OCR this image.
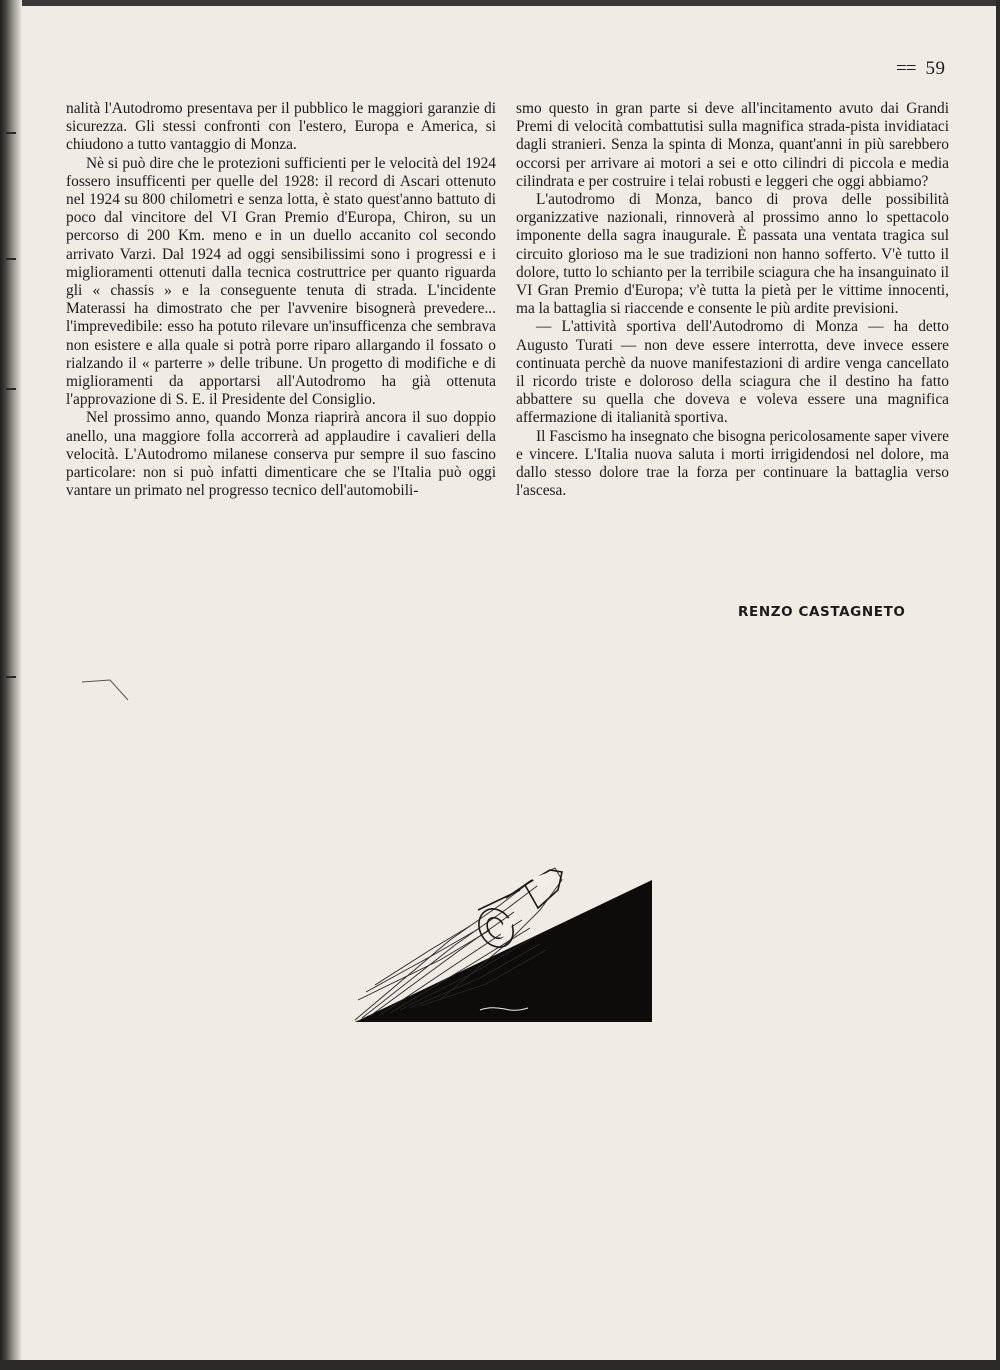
== 59

nalità l'Autodromo presentava per il pubblico le maggiori garanzie di sicurezza. Gli stessi confronti con l'estero, Europa e America, si chiudono a tutto vantaggio di Monza.

Nè si può dire che le protezioni sufficienti per le velocità del 1924 fossero insufficenti per quelle del 1928: il record di Ascari ottenuto nel 1924 su 800 chilometri e senza lotta, è stato quest'anno battuto di poco dal vincitore del VI Gran Premio d'Europa, Chiron, su un percorso di 200 Km. meno e in un duello accanito col secondo arrivato Varzi. Dal 1924 ad oggi sensibilissimi sono i progressi e i miglioramenti ottenuti dalla tecnica costruttrice per quanto riguarda gli « chassis » e la conseguente tenuta di strada. L'incidente Materassi ha dimostrato che per l'avvenire bisognerà prevedere... l'imprevedibile: esso ha potuto rilevare un'insufficenza che sembrava non esistere e alla quale si potrà porre riparo allargando il fossato o rialzando il « parterre » delle tribune. Un progetto di modifiche e di miglioramenti da apportarsi all'Autodromo ha già ottenuta l'approvazione di S. E. il Presidente del Consiglio.

Nel prossimo anno, quando Monza riaprirà ancora il suo doppio anello, una maggiore folla accorrerà ad applaudire i cavalieri della velocità. L'Autodromo milanese conserva pur sempre il suo fascino particolare: non si può infatti dimenticare che se l'Italia può oggi vantare un primato nel progresso tecnico dell'automobili-

smo questo in gran parte si deve all'incitamento avuto dai Grandi Premi di velocità combattutisi sulla magnifica strada-pista invidiataci dagli stranieri. Senza la spinta di Monza, quant'anni in più sarebbero occorsi per arrivare ai motori a sei e otto cilindri di piccola e media cilindrata e per costruire i telai robusti e leggeri che oggi abbiamo?

L'autodromo di Monza, banco di prova delle possibilità organizzative nazionali, rinnoverà al prossimo anno lo spettacolo imponente della sagra inaugurale. È passata una ventata tragica sul circuito glorioso ma le sue tradizioni non hanno sofferto. V'è tutto il dolore, tutto lo schianto per la terribile sciagura che ha insanguinato il VI Gran Premio d'Europa; v'è tutta la pietà per le vittime innocenti, ma la battaglia si riaccende e consente le più ardite previsioni.

— L'attività sportiva dell'Autodromo di Monza — ha detto Augusto Turati — non deve essere interrotta, deve invece essere continuata perchè da nuove manifestazioni di ardire venga cancellato il ricordo triste e doloroso della sciagura che il destino ha fatto abbattere su quella che doveva e voleva essere una magnifica affermazione di italianità sportiva.

Il Fascismo ha insegnato che bisogna pericolosamente saper vivere e vincere. L'Italia nuova saluta i morti irrigidendosi nel dolore, ma dallo stesso dolore trae la forza per continuare la battaglia verso l'ascesa.

RENZO CASTAGNETO
